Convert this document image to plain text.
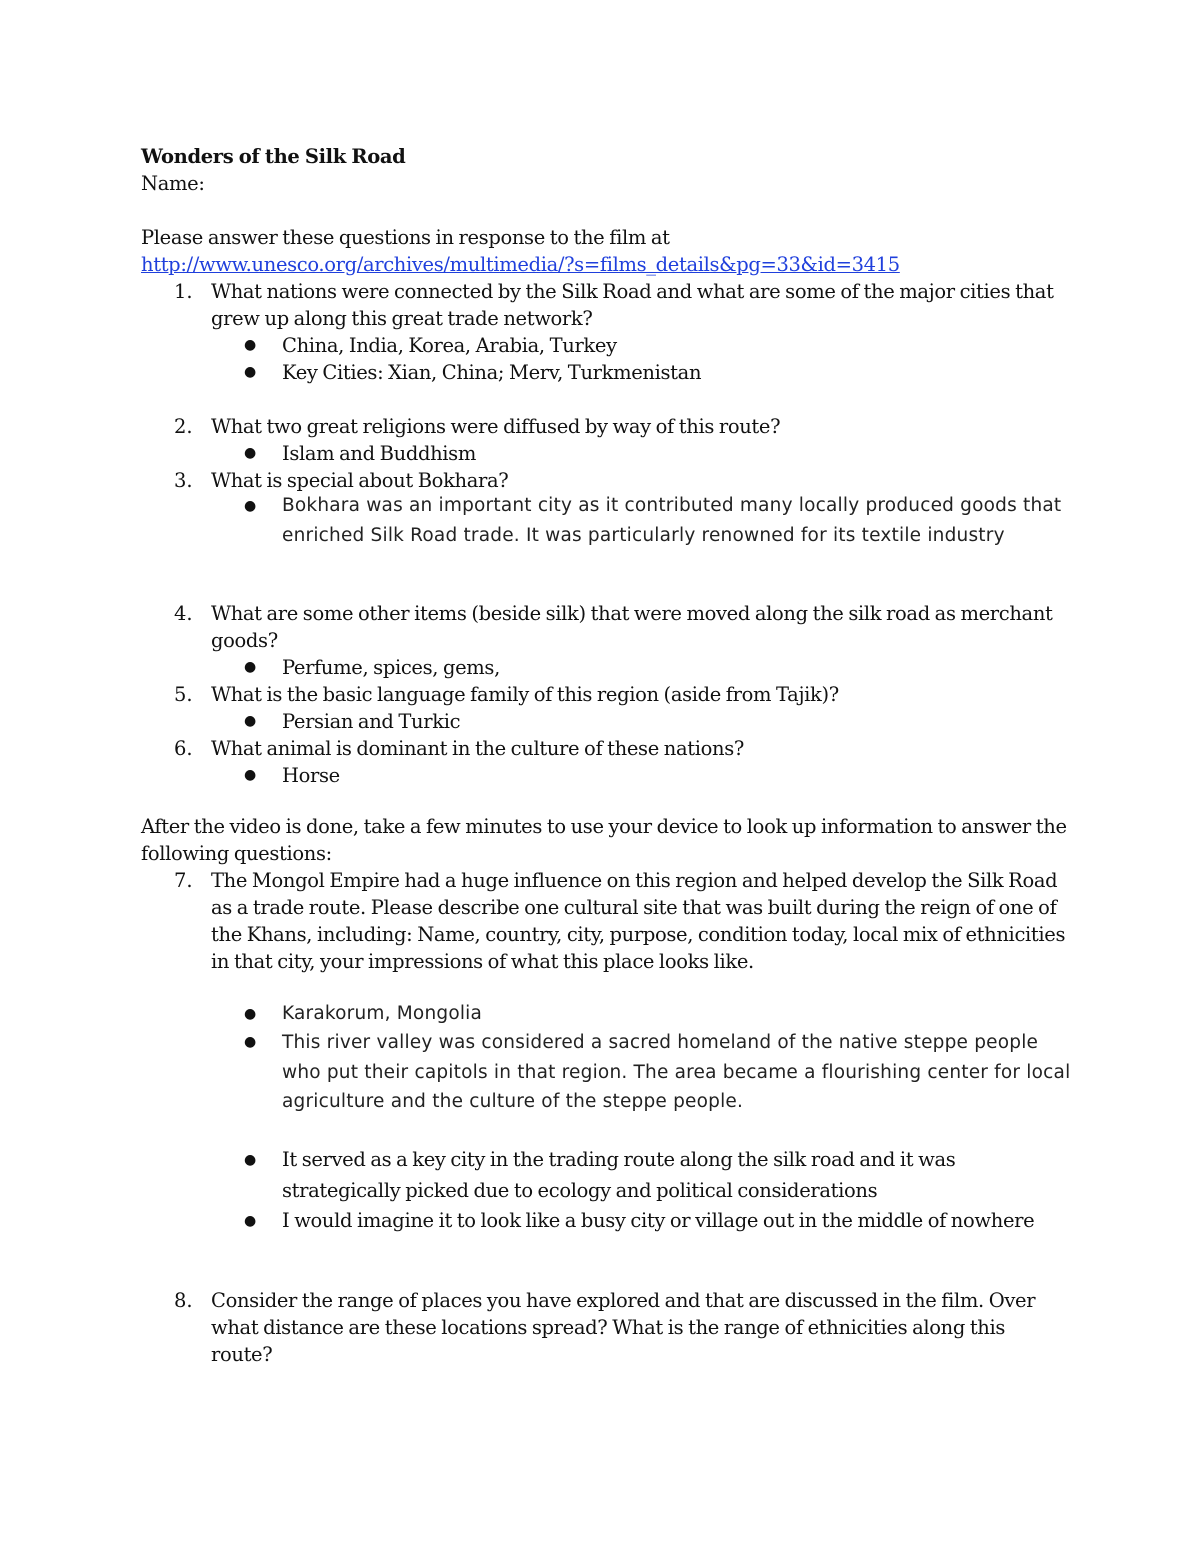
Wonders of the Silk Road
Name:
Please answer these questions in response to the film at
http://www.unesco.org/archives/multimedia/?s=films_details&pg=33&id=3415
1. What nations were connected by the Silk Road and what are some of the major cities that grew up along this great trade network?
● China, India, Korea, Arabia, Turkey
● Key Cities: Xian, China; Merv, Turkmenistan
2. What two great religions were diffused by way of this route?
● Islam and Buddhism
3. What is special about Bokhara?
● Bokhara was an important city as it contributed many locally produced goods that enriched Silk Road trade. It was particularly renowned for its textile industry
4. What are some other items (beside silk) that were moved along the silk road as merchant goods?
● Perfume, spices, gems,
5. What is the basic language family of this region (aside from Tajik)?
● Persian and Turkic
6. What animal is dominant in the culture of these nations?
● Horse
After the video is done, take a few minutes to use your device to look up information to answer the following questions:
7. The Mongol Empire had a huge influence on this region and helped develop the Silk Road as a trade route. Please describe one cultural site that was built during the reign of one of the Khans, including: Name, country, city, purpose, condition today, local mix of ethnicities in that city, your impressions of what this place looks like.
● Karakorum, Mongolia
● This river valley was considered a sacred homeland of the native steppe people who put their capitols in that region. The area became a flourishing center for local agriculture and the culture of the steppe people.
● It served as a key city in the trading route along the silk road and it was strategically picked due to ecology and political considerations
● I would imagine it to look like a busy city or village out in the middle of nowhere
8. Consider the range of places you have explored and that are discussed in the film. Over what distance are these locations spread? What is the range of ethnicities along this route?
